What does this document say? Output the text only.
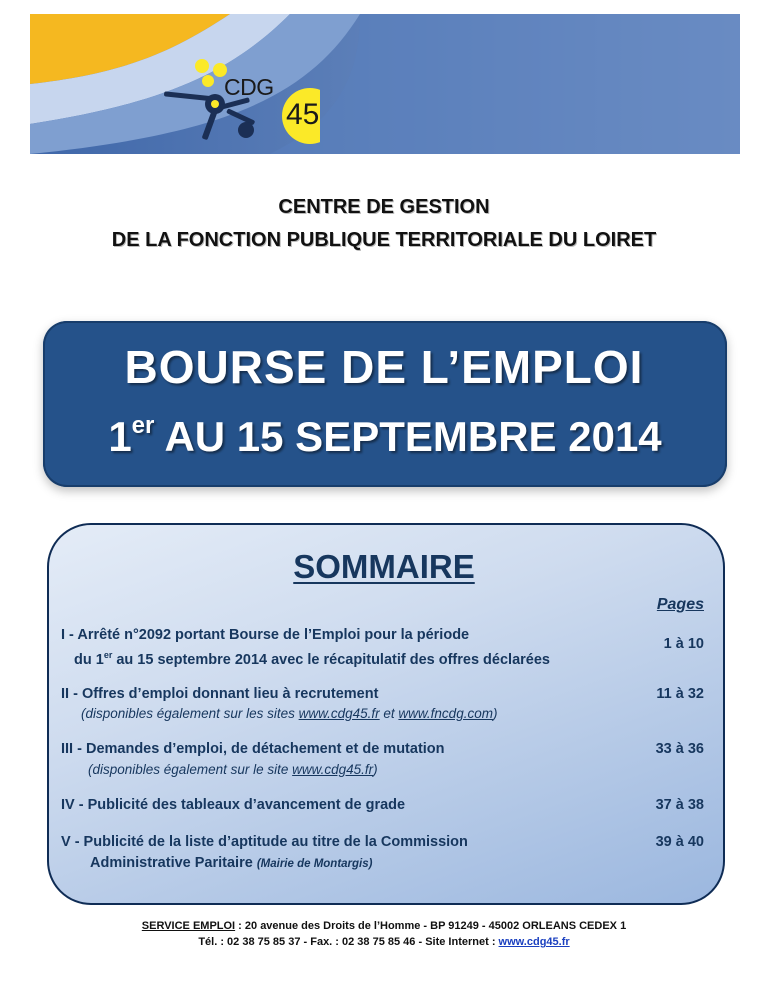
CDG
45
CENTRE DE GESTION
DE LA FONCTION PUBLIQUE TERRITORIALE DU LOIRET
BOURSE DE L’EMPLOI
1er AU 15 SEPTEMBRE 2014
SOMMAIRE
Pages
I - Arrêté n°2092 portant Bourse de l’Emploi pour la période
du 1er au 15 septembre 2014 avec le récapitulatif des offres déclarées
1 à 10
II - Offres d’emploi donnant lieu à recrutement
(disponibles également sur les sites www.cdg45.fr et www.fncdg.com)
11 à 32
III - Demandes d’emploi, de détachement et de mutation
(disponibles également sur le site www.cdg45.fr)
33 à 36
IV - Publicité des tableaux d’avancement de grade	37 à 38
V - Publicité de la liste d’aptitude au titre de la Commission
Administrative Paritaire (Mairie de Montargis)
39 à 40
SERVICE EMPLOI : 20 avenue des Droits de l’Homme - BP 91249 - 45002 ORLEANS CEDEX 1
Tél. : 02 38 75 85 37 - Fax. : 02 38 75 85 46 - Site Internet : www.cdg45.fr
